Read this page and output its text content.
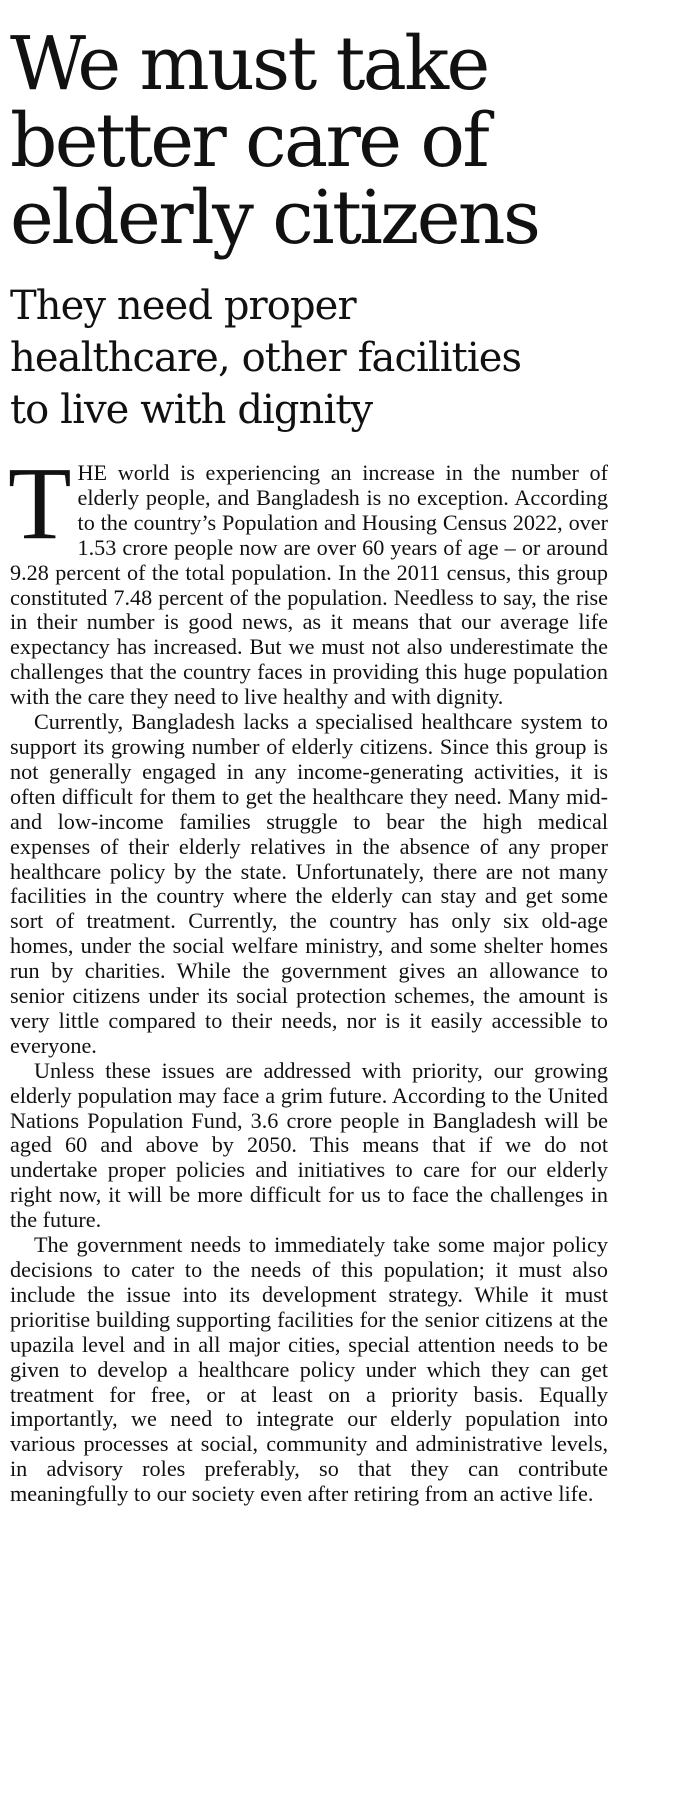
We must take
better care of
elderly citizens
They need proper
healthcare, other facilities
to live with dignity

THE world is experiencing an increase in the number of elderly people, and Bangladesh is no exception. According to the country’s Population and Housing Census 2022, over 1.53 crore people now are over 60 years of age – or around 9.28 percent of the total population. In the 2011 census, this group constituted 7.48 percent of the population. Needless to say, the rise in their number is good news, as it means that our average life expectancy has increased. But we must not also underestimate the challenges that the country faces in providing this huge population with the care they need to live healthy and with dignity.

Currently, Bangladesh lacks a specialised healthcare system to support its growing number of elderly citizens. Since this group is not generally engaged in any income-generating activities, it is often difficult for them to get the healthcare they need. Many mid- and low-income families struggle to bear the high medical expenses of their elderly relatives in the absence of any proper healthcare policy by the state. Unfortunately, there are not many facilities in the country where the elderly can stay and get some sort of treatment. Currently, the country has only six old-age homes, under the social welfare ministry, and some shelter homes run by charities. While the government gives an allowance to senior citizens under its social protection schemes, the amount is very little compared to their needs, nor is it easily accessible to everyone.

Unless these issues are addressed with priority, our growing elderly population may face a grim future. According to the United Nations Population Fund, 3.6 crore people in Bangladesh will be aged 60 and above by 2050. This means that if we do not undertake proper policies and initiatives to care for our elderly right now, it will be more difficult for us to face the challenges in the future.

The government needs to immediately take some major policy decisions to cater to the needs of this population; it must also include the issue into its development strategy. While it must prioritise building supporting facilities for the senior citizens at the upazila level and in all major cities, special attention needs to be given to develop a healthcare policy under which they can get treatment for free, or at least on a priority basis. Equally importantly, we need to integrate our elderly population into various processes at social, community and administrative levels, in advisory roles preferably, so that they can contribute meaningfully to our society even after retiring from an active life.
